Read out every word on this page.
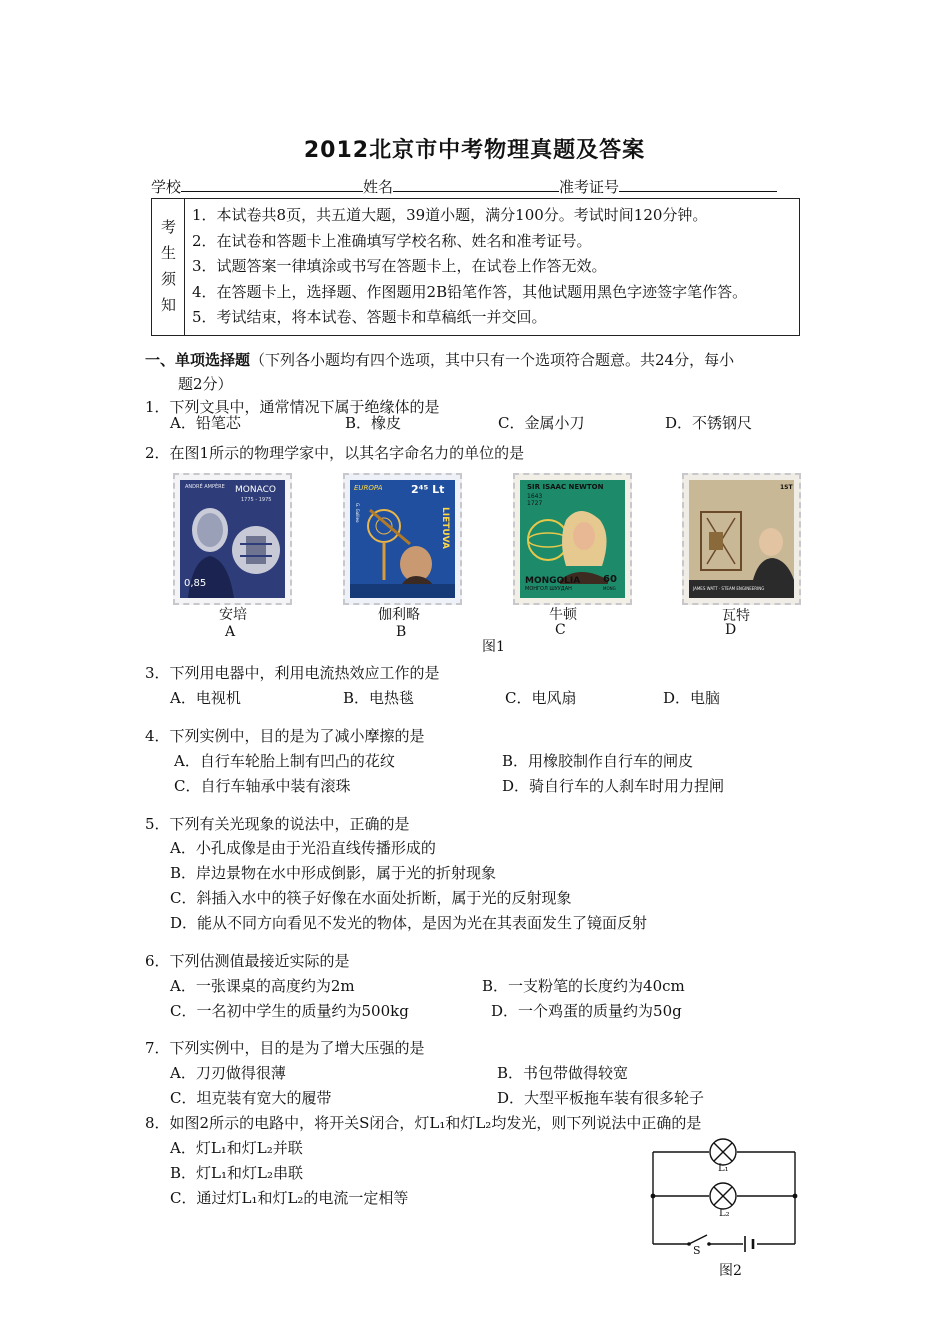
2012北京市中考物理真题及答案
学校	姓名	准考证号
考
生
须
知
1．本试卷共8页，共五道大题，39道小题，满分100分。考试时间120分钟。
2．在试卷和答题卡上准确填写学校名称、姓名和准考证号。
3．试题答案一律填涂或书写在答题卡上，在试卷上作答无效。
4．在答题卡上，选择题、作图题用2B铅笔作答，其他试题用黑色字迹签字笔作答。
5．考试结束，将本试卷、答题卡和草稿纸一并交回。
一、单项选择题（下列各小题均有四个选项，其中只有一个选项符合题意。共24分，每小
题2分）
1．下列文具中，通常情况下属于绝缘体的是
A．铅笔芯	B．橡皮	C．金属小刀	D．不锈钢尺
2．在图1所示的物理学家中，以其名字命名力的单位的是
ANDRÉ AMPÈRE MONACO
1775 - 1975
0,85
EUROPA	2⁴⁵ Lt
LIETUVA
G. Galileo
SIR ISAAC NEWTON
1643
1727
MONGOLIA
МОНГОЛ ШУУДАН
60
MONG
1ST
JAMES WATT · STEAM ENGINEERING
安培
A
伽利略
B
牛顿
C
瓦特
D
图1
3．下列用电器中，利用电流热效应工作的是
A．电视机	B．电热毯	C．电风扇	D．电脑
4．下列实例中，目的是为了减小摩擦的是
A．自行车轮胎上制有凹凸的花纹	B．用橡胶制作自行车的闸皮
C．自行车轴承中装有滚珠	D．骑自行车的人刹车时用力捏闸
5．下列有关光现象的说法中，正确的是
A．小孔成像是由于光沿直线传播形成的
B．岸边景物在水中形成倒影，属于光的折射现象
C．斜插入水中的筷子好像在水面处折断，属于光的反射现象
D．能从不同方向看见不发光的物体，是因为光在其表面发生了镜面反射
6．下列估测值最接近实际的是
A．一张课桌的高度约为2m	B．一支粉笔的长度约为40cm
C．一名初中学生的质量约为500kg	D．一个鸡蛋的质量约为50g
7．下列实例中，目的是为了增大压强的是
A．刀刃做得很薄	B．书包带做得较宽
C．坦克装有宽大的履带	D．大型平板拖车装有很多轮子
8．如图2所示的电路中，将开关S闭合，灯L₁和灯L₂均发光，则下列说法中正确的是
A．灯L₁和灯L₂并联
B．灯L₁和灯L₂串联
C．通过灯L₁和灯L₂的电流一定相等
L₁
L₂
S
图2
